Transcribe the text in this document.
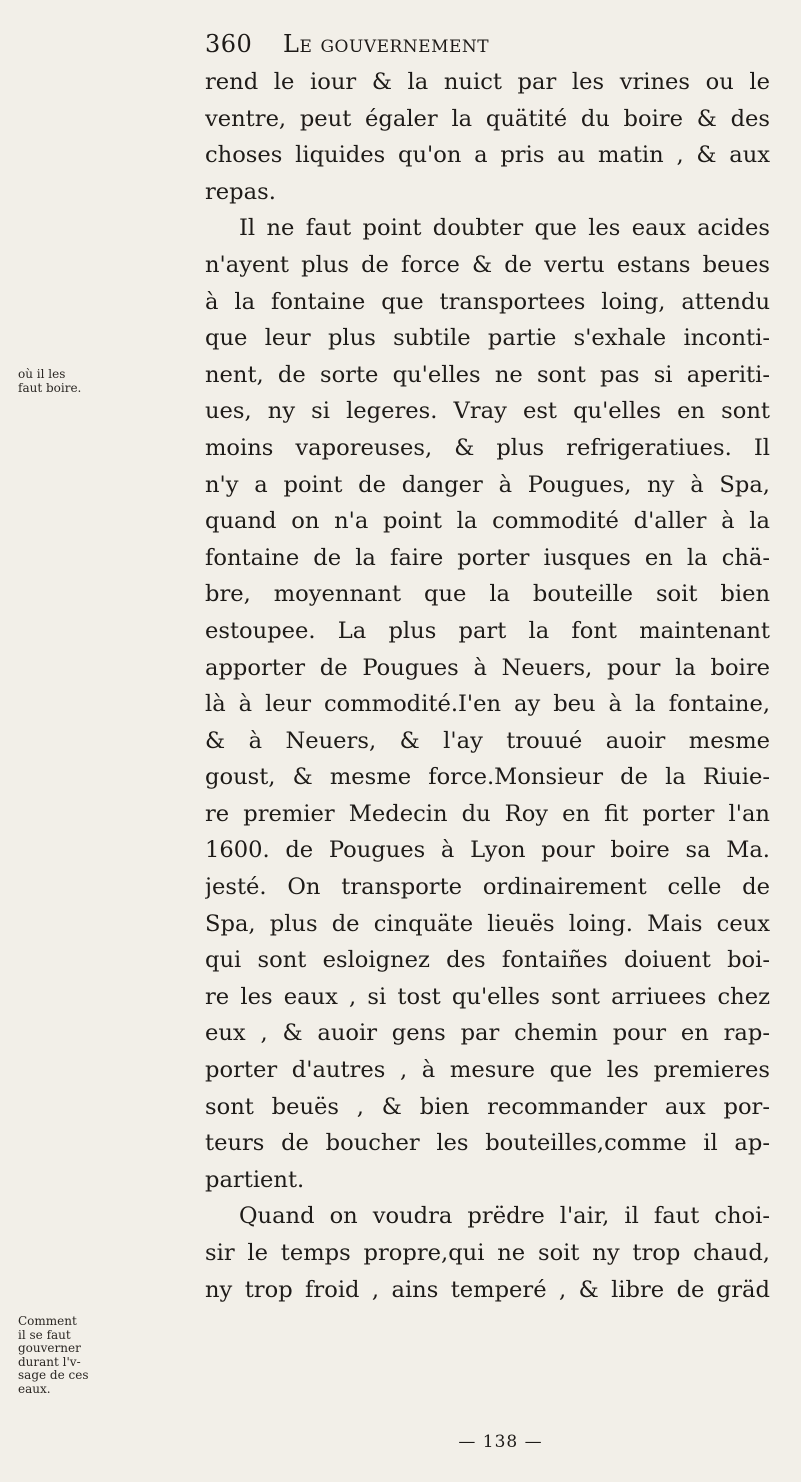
360 Le gouvernement
où il les
faut boire.
Comment
il se faut
gouverner
durant l'v-
sage de ces
eaux.
rend le iour & la nuict par les vrines ou le
ventre, peut égaler la quätité du boire & des
choses liquides qu'on a pris au matin , & aux
repas.
Il ne faut point doubter que les eaux acides
n'ayent plus de force & de vertu estans beues
à la fontaine que transportees loing, attendu
que leur plus subtile partie s'exhale inconti-
nent, de sorte qu'elles ne sont pas si aperiti-
ues, ny si legeres. Vray est qu'elles en sont
moins vaporeuses, & plus refrigeratiues. Il
n'y a point de danger à Pougues, ny à Spa,
quand on n'a point la commodité d'aller à la
fontaine de la faire porter iusques en la chä-
bre, moyennant que la bouteille soit bien
estoupee. La plus part la font maintenant
apporter de Pougues à Neuers, pour la boire
là à leur commodité.I'en ay beu à la fontaine,
& à Neuers, & l'ay trouué auoir mesme
goust, & mesme force.Monsieur de la Riuie-
re premier Medecin du Roy en fit porter l'an
1600. de Pougues à Lyon pour boire sa Ma.
jesté. On transporte ordinairement celle de
Spa, plus de cinquäte lieuës loing. Mais ceux
qui sont esloignez des fontaiñes doiuent boi-
re les eaux , si tost qu'elles sont arriuees chez
eux , & auoir gens par chemin pour en rap-
porter d'autres , à mesure que les premieres
sont beuës , & bien recommander aux por-
teurs de boucher les bouteilles,comme il ap-
partient.
Quand on voudra prëdre l'air, il faut choi-
sir le temps propre,qui ne soit ny trop chaud,
ny trop froid , ains temperé , & libre de gräd
— 138 —
